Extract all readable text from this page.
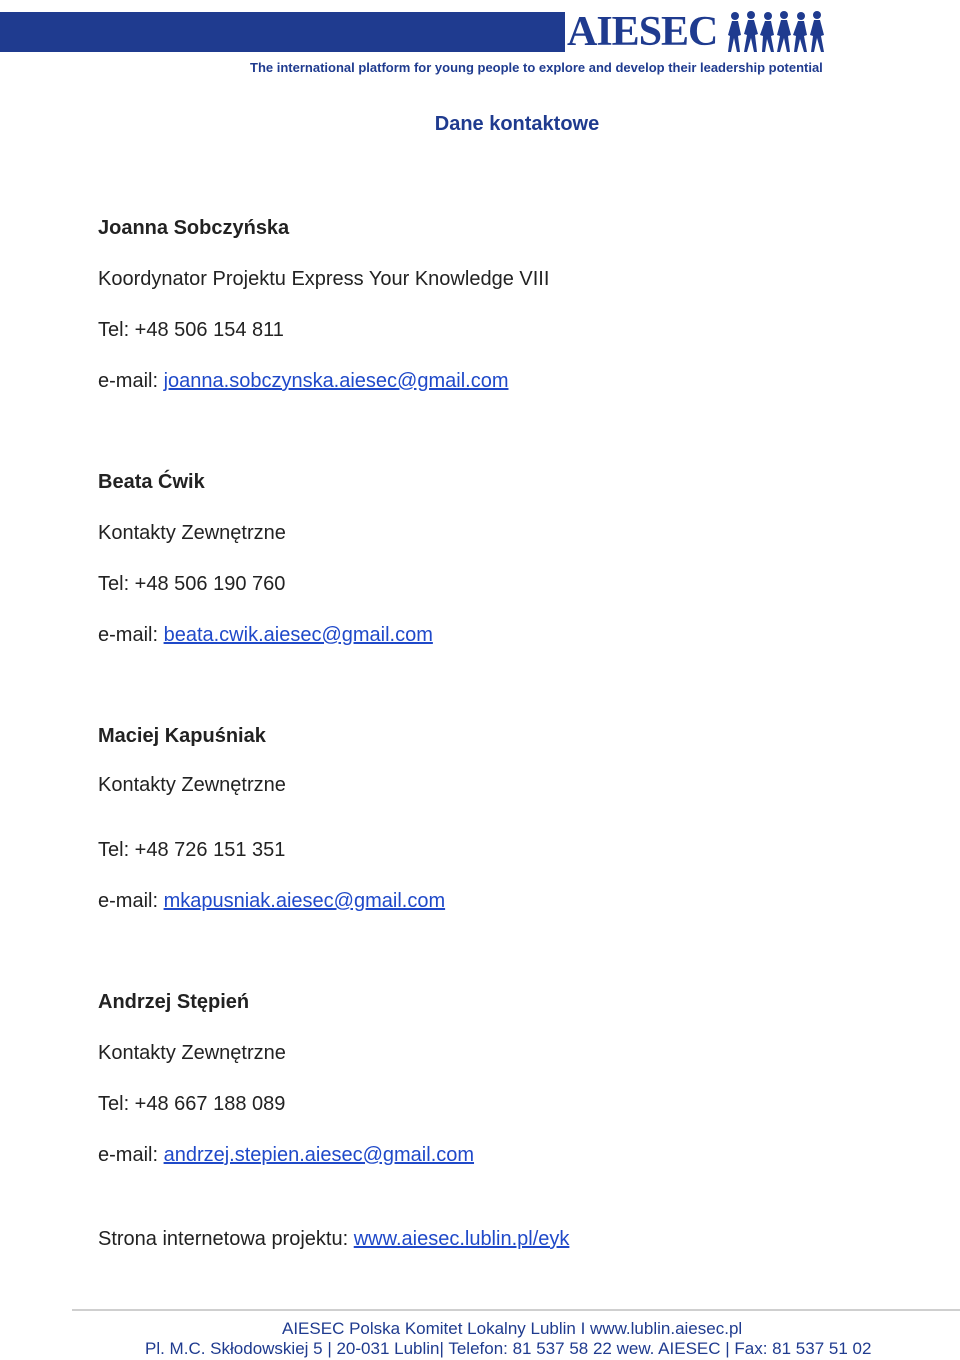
AIESEC
The international platform for young people to explore and develop their leadership potential
Dane kontaktowe
Joanna Sobczyńska
Koordynator Projektu Express Your Knowledge VIII
Tel: +48 506 154 811
e-mail: joanna.sobczynska.aiesec@gmail.com
Beata Ćwik
Kontakty Zewnętrzne
Tel: +48 506 190 760
e-mail: beata.cwik.aiesec@gmail.com
Maciej Kapuśniak
Kontakty Zewnętrzne
Tel: +48 726 151 351
e-mail: mkapusniak.aiesec@gmail.com
Andrzej Stępień
Kontakty Zewnętrzne
Tel: +48 667 188 089
e-mail: andrzej.stepien.aiesec@gmail.com
Strona internetowa projektu: www.aiesec.lublin.pl/eyk
AIESEC Polska Komitet Lokalny Lublin I www.lublin.aiesec.pl
Pl. M.C. Skłodowskiej 5 | 20-031 Lublin| Telefon: 81 537 58 22 wew. AIESEC | Fax: 81 537 51 02
